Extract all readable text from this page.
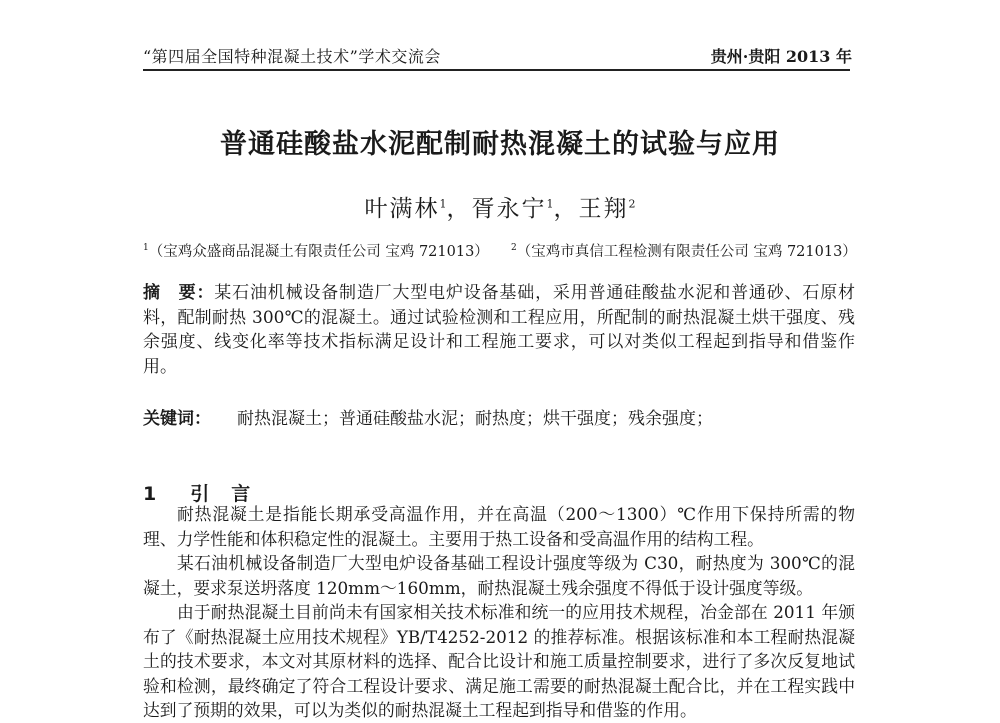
“第四届全国特种混凝土技术”学术交流会	贵州·贵阳 2013 年
普通硅酸盐水泥配制耐热混凝土的试验与应用
叶满林$^1$，胥永宁$^1$，王翔$^2$
$^1$（宝鸡众盛商品混凝土有限责任公司 宝鸡 721013） $^2$（宝鸡市真信工程检测有限责任公司 宝鸡 721013）

摘　要：某石油机械设备制造厂大型电炉设备基础，采用普通硅酸盐水泥和普通砂、石原材料，配制耐热 300℃的混凝土。通过试验检测和工程应用，所配制的耐热混凝土烘干强度、残余强度、线变化率等技术指标满足设计和工程施工要求，可以对类似工程起到指导和借鉴作用。

关键词： 耐热混凝土；普通硅酸盐水泥；耐热度；烘干强度；残余强度；
1 引言

耐热混凝土是指能长期承受高温作用，并在高温（200～1300）℃作用下保持所需的物理、力学性能和体积稳定性的混凝土。主要用于热工设备和受高温作用的结构工程。

某石油机械设备制造厂大型电炉设备基础工程设计强度等级为 C30，耐热度为 300℃的混凝土，要求泵送坍落度 120mm～160mm，耐热混凝土残余强度不得低于设计强度等级。

由于耐热混凝土目前尚未有国家相关技术标准和统一的应用技术规程，冶金部在 2011 年颁布了《耐热混凝土应用技术规程》YB/T4252-2012 的推荐标准。根据该标准和本工程耐热混凝土的技术要求，本文对其原材料的选择、配合比设计和施工质量控制要求，进行了多次反复地试验和检测，最终确定了符合工程设计要求、满足施工需要的耐热混凝土配合比，并在工程实践中达到了预期的效果，可以为类似的耐热混凝土工程起到指导和借鉴的作用。
